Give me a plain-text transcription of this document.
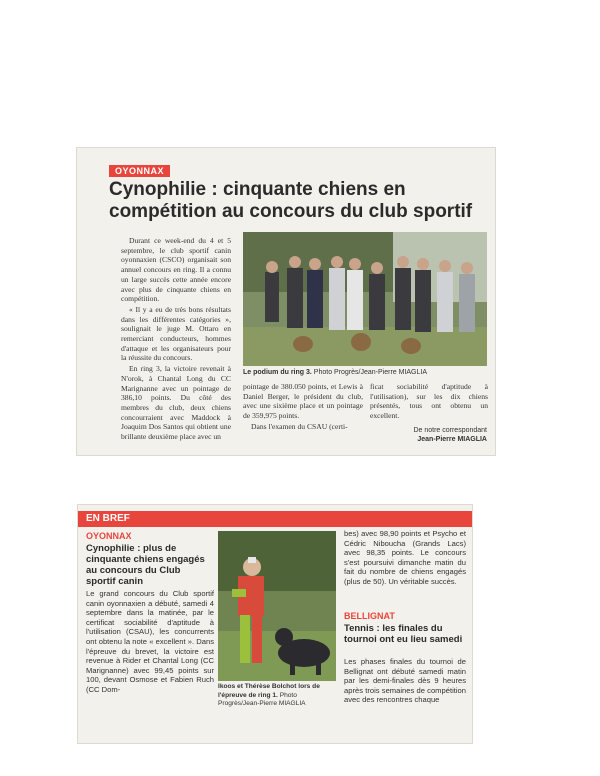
OYONNAX
Cynophilie : cinquante chiens en
compétition au concours du club sportif

Durant ce week-end du 4 et 5 septembre, le club sportif canin oyonnaxien (CSCO) organisait son annuel concours en ring. Il a connu un large succès cette année encore avec plus de cinquante chiens en compétition.

« Il y a eu de très bons résultats dans les différentes catégories », soulignait le juge M. Ottaro en remerciant conducteurs, hommes d'attaque et les organisateurs pour la réussite du concours.

En ring 3, la victoire revenait à N'orok, à Chantal Long du CC Marignanne avec un pointage de 386,10 points. Du côté des membres du club, deux chiens concourraient avec Maddock à Joaquim Dos Santos qui obtient une brillante deuxième place avec un

Le podium du ring 3. Photo Progrès/Jean-Pierre MIAGLIA

pointage de 380.050 points, et Lewis à Daniel Berger, le président du club, avec une sixième place et un pointage de 359,975 points.

Dans l'examen du CSAU (certi-

ficat sociabilité d'aptitude à l'utilisation), sur les dix chiens présentés, tous ont obtenu un excellent.

De notre correspondant
Jean-Pierre MIAGLIA
EN BREF
OYONNAX
Cynophilie : plus de cinquante chiens engagés au concours du Club sportif canin
Le grand concours du Club sportif canin oyonnaxien a débuté, samedi 4 septembre dans la matinée, par le certificat sociabilité d'aptitude à l'utilisation (CSAU), les concurrents ont obtenu la note « excellent ». Dans l'épreuve du brevet, la victoire est revenue à Rider et Chantal Long (CC Marignanne) avec 99,45 points sur 100, devant Osmose et Fabien Ruch (CC Dom-	Ikoos et Thérèse Bolchot lors de l'épreuve de ring 1. Photo Progrès/Jean-Pierre MIAGLIA
bes) avec 98,90 points et Psycho et Cédric Niboucha (Grands Lacs) avec 98,35 points. Le concours s'est poursuivi dimanche matin du fait du nombre de chiens engagés (plus de 50). Un véritable succès.
BELLIGNAT
Tennis : les finales du tournoi ont eu lieu samedi
Les phases finales du tournoi de Bellignat ont débuté samedi matin par les demi-finales dès 9 heures après trois semaines de compétition avec des rencontres chaque
